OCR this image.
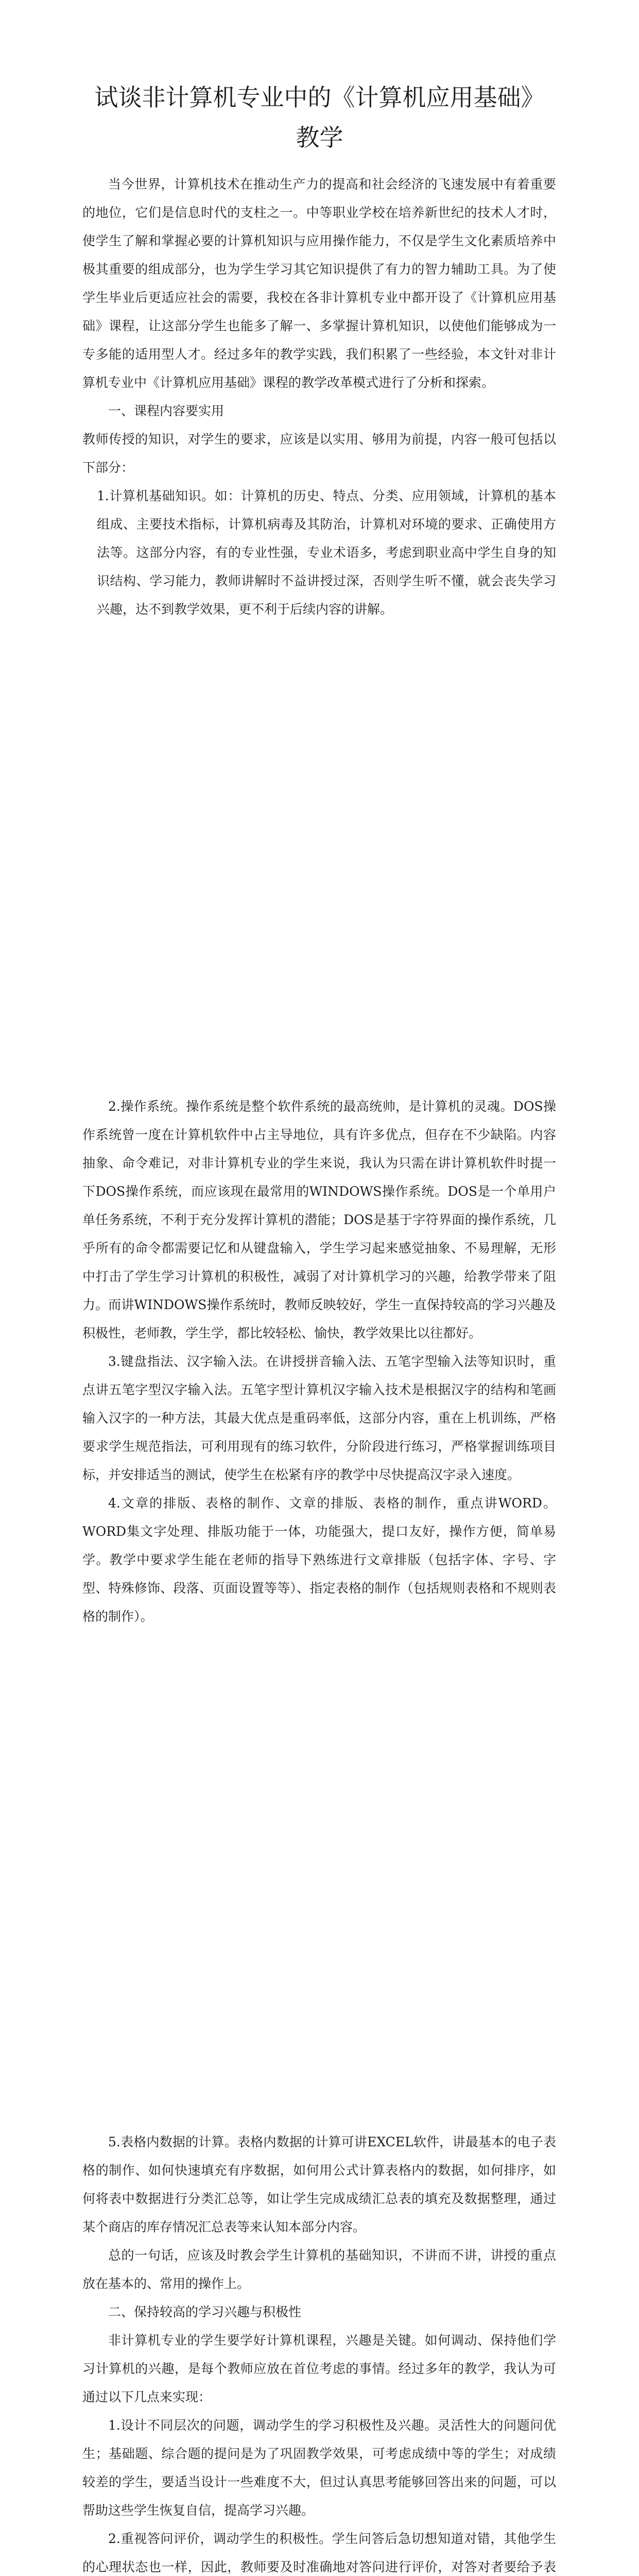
试谈非计算机专业中的《计算机应用基础》
教学

当今世界，计算机技术在推动生产力的提高和社会经济的飞速发展中有着重要的地位，它们是信息时代的支柱之一。中等职业学校在培养新世纪的技术人才时，使学生了解和掌握必要的计算机知识与应用操作能力，不仅是学生文化素质培养中极其重要的组成部分，也为学生学习其它知识提供了有力的智力辅助工具。为了使学生毕业后更适应社会的需要，我校在各非计算机专业中都开设了《计算机应用基础》课程，让这部分学生也能多了解一、多掌握计算机知识，以使他们能够成为一专多能的适用型人才。经过多年的教学实践，我们积累了一些经验，本文针对非计算机专业中《计算机应用基础》课程的教学改革模式进行了分析和探索。

一、课程内容要实用

教师传授的知识，对学生的要求，应该是以实用、够用为前提，内容一般可包括以下部分：

1.计算机基础知识。如：计算机的历史、特点、分类、应用领域，计算机的基本组成、主要技术指标，计算机病毒及其防治，计算机对环境的要求、正确使用方法等。这部分内容，有的专业性强，专业术语多，考虑到职业高中学生自身的知识结构、学习能力，教师讲解时不益讲授过深，否则学生听不懂，就会丧失学习兴趣，达不到教学效果，更不利于后续内容的讲解。

2.操作系统。操作系统是整个软件系统的最高统帅，是计算机的灵魂。DOS操作系统曾一度在计算机软件中占主导地位，具有许多优点，但存在不少缺陷。内容抽象、命令难记，对非计算机专业的学生来说，我认为只需在讲计算机软件时提一下DOS操作系统，而应该现在最常用的WINDOWS操作系统。DOS是一个单用户单任务系统，不利于充分发挥计算机的潜能；DOS是基于字符界面的操作系统，几乎所有的命令都需要记忆和从键盘输入，学生学习起来感觉抽象、不易理解，无形中打击了学生学习计算机的积极性，减弱了对计算机学习的兴趣，给教学带来了阻力。而讲WINDOWS操作系统时，教师反映较好，学生一直保持较高的学习兴趣及积极性，老师教，学生学，都比较轻松、愉快，教学效果比以往都好。

3.键盘指法、汉字输入法。在讲授拼音输入法、五笔字型输入法等知识时，重点讲五笔字型汉字输入法。五笔字型计算机汉字输入技术是根据汉字的结构和笔画输入汉字的一种方法，其最大优点是重码率低，这部分内容，重在上机训练，严格要求学生规范指法，可利用现有的练习软件，分阶段进行练习，严格掌握训练项目标，并安排适当的测试，使学生在松紧有序的教学中尽快提高汉字录入速度。

4.文章的排版、表格的制作、文章的排版、表格的制作，重点讲WORD。WORD集文字处理、排版功能于一体，功能强大，提口友好，操作方便，简单易学。教学中要求学生能在老师的指导下熟练进行文章排版（包括字体、字号、字型、特殊修饰、段落、页面设置等等）、指定表格的制作（包括规则表格和不规则表格的制作）。

5.表格内数据的计算。表格内数据的计算可讲EXCEL软件，讲最基本的电子表格的制作、如何快速填充有序数据，如何用公式计算表格内的数据，如何排序，如何将表中数据进行分类汇总等，如让学生完成成绩汇总表的填充及数据整理，通过某个商店的库存情况汇总表等来认知本部分内容。

总的一句话，应该及时教会学生计算机的基础知识，不讲而不讲，讲授的重点放在基本的、常用的操作上。

二、保持较高的学习兴趣与积极性

非计算机专业的学生要学好计算机课程，兴趣是关键。如何调动、保持他们学习计算机的兴趣，是每个教师应放在首位考虑的事情。经过多年的教学，我认为可通过以下几点来实现：

1.设计不同层次的问题，调动学生的学习积极性及兴趣。灵活性大的问题问优生；基础题、综合题的提问是为了巩固教学效果，可考虑成绩中等的学生；对成绩较差的学生，要适当设计一些难度不大，但过认真思考能够回答出来的问题，可以帮助这些学生恢复自信，提高学习兴趣。

2.重视答问评价，调动学生的积极性。学生问答后急切想知道对错，其他学生的心理状态也一样，因此，教师要及时准确地对答问进行评价，对答对者要给予表
